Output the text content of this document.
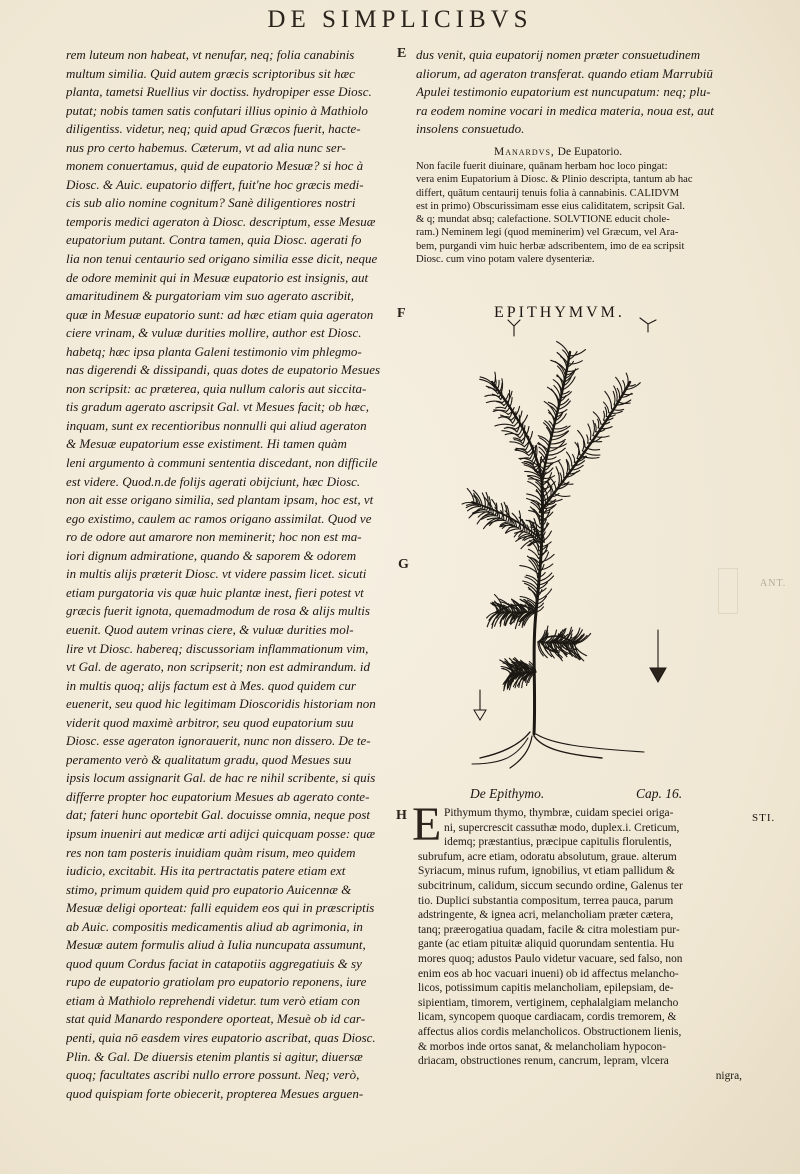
DE SIMPLICIBVS
rem luteum non habeat, vt nenufar, neq; folia canabinis
multum similia. Quid autem græcis scriptoribus sit hæc
planta, tametsi Ruellius vir doctiss. hydropiper esse Diosc.
putat; nobis tamen satis confutari illius opinio à Mathiolo
diligentiss. videtur, neq; quid apud Græcos fuerit, hacte-
nus pro certo habemus. Cæterum, vt ad alia nunc ser-
monem conuertamus, quid de eupatorio Mesuæ? si hoc à
Diosc. & Auic. eupatorio differt, fuit'ne hoc græcis medi-
cis sub alio nomine cognitum? Sanè diligentiores nostri
temporis medici ageraton à Diosc. descriptum, esse Mesuæ
eupatorium putant. Contra tamen, quia Diosc. agerati fo
lia non tenui centaurio sed origano similia esse dicit, neque
de odore meminit qui in Mesuæ eupatorio est insignis, aut
amaritudinem & purgatoriam vim suo agerato ascribit,
quæ in Mesuæ eupatorio sunt: ad hæc etiam quia ageraton
ciere vrinam, & vuluæ durities mollire, author est Diosc.
habetq; hæc ipsa planta Galeni testimonio vim phlegmo-
nas digerendi & dissipandi, quas dotes de eupatorio Mesues
non scripsit: ac præterea, quia nullum caloris aut siccita-
tis gradum agerato ascripsit Gal. vt Mesues facit; ob hæc,
inquam, sunt ex recentioribus nonnulli qui aliud ageraton
& Mesuæ eupatorium esse existiment. Hi tamen quàm
leni argumento à communi sententia discedant, non difficile
est videre. Quod.n.de folijs agerati obijciunt, hæc Diosc.
non ait esse origano similia, sed plantam ipsam, hoc est, vt
ego existimo, caulem ac ramos origano assimilat. Quod ve
ro de odore aut amarore non meminerit; hoc non est ma-
iori dignum admiratione, quando & saporem & odorem
in multis alijs præterit Diosc. vt videre passim licet. sicuti
etiam purgatoria vis quæ huic plantæ inest, fieri potest vt
græcis fuerit ignota, quemadmodum de rosa & alijs multis
euenit. Quod autem vrinas ciere, & vuluæ durities mol-
lire vt Diosc. habereq; discussoriam inflammationum vim,
vt Gal. de agerato, non scripserit; non est admirandum. id
in multis quoq; alijs factum est à Mes. quod quidem cur
euenerit, seu quod hic legitimam Dioscoridis historiam non
viderit quod maximè arbitror, seu quod eupatorium suu
Diosc. esse ageraton ignorauerit, nunc non dissero. De te-
peramento verò & qualitatum gradu, quod Mesues suu
ipsis locum assignarit Gal. de hac re nihil scribente, si quis
differre propter hoc eupatorium Mesues ab agerato conte-
dat; fateri hunc oportebit Gal. docuisse omnia, neque post
ipsum inueniri aut medicæ arti adijci quicquam posse: quæ
res non tam posteris inuidiam quàm risum, meo quidem
iudicio, excitabit. His ita pertractatis patere etiam ext
stimo, primum quidem quid pro eupatorio Auicennæ &
Mesuæ deligi oporteat: falli equidem eos qui in præscriptis
ab Auic. compositis medicamentis aliud ab agrimonia, in
Mesuæ autem formulis aliud à Iulia nuncupata assumunt,
quod quum Cordus faciat in catapotiis aggregatiuis & sy
rupo de eupatorio gratiolam pro eupatorio reponens, iure
etiam à Mathiolo reprehendi videtur. tum verò etiam con
stat quid Manardo respondere oporteat, Mesuè ob id car-
penti, quia nō easdem vires eupatorio ascribat, quas Diosc.
Plin. & Gal. De diuersis etenim plantis si agitur, diuersæ
quoq; facultates ascribi nullo errore possunt. Neq; verò,
quod quispiam forte obiecerit, propterea Mesues arguen-
E
F
G
H
dus venit, quia eupatorij nomen præter consuetudinem
aliorum, ad ageraton transferat. quando etiam Marrubiū
Apulei testimonio eupatorium est nuncupatum: neq; plu-
ra eodem nomine vocari in medica materia, noua est, aut
insolens consuetudo.
Manardvs, De Eupatorio.
Non facile fuerit diuinare, quānam herbam hoc loco pingat:
vera enim Eupatorium à Diosc. & Plinio descripta, tantum ab hac
differt, quātum centaurij tenuis folia à cannabinis. CALIDVM
est in primo) Obscurissimam esse eius caliditatem, scripsit Gal.
& q; mundat absq; calefactione. SOLVTIONE educit chole-
ram.) Neminem legi (quod meminerim) vel Græcum, vel Ara-
bem, purgandi vim huic herbæ adscribentem, imo de ea scripsit
Diosc. cum vino potam valere dysenteriæ.
EPITHYMVM.
De Epithymo.	Cap. 16.
E Pithymum thymo, thymbræ, cuidam speciei origa-
ni, supercrescit cassuthæ modo, duplex.i. Creticum,
idemq; præstantius, præcipue capitulis florulentis,
subrufum, acre etiam, odoratu absolutum, graue. alterum
Syriacum, minus rufum, ignobilius, vt etiam pallidum &
subcitrinum, calidum, siccum secundo ordine, Galenus ter
tio. Duplici substantia compositum, terrea pauca, parum
adstringente, & ignea acri, melancholiam præter cætera,
tanq; præerogatiua quadam, facile & citra molestiam pur-
gante (ac etiam pituitæ aliquid quorundam sententia. Hu
mores quoq; adustos Paulo videtur vacuare, sed falso, non
enim eos ab hoc vacuari inueni) ob id affectus melancho-
licos, potissimum capitis melancholiam, epilepsiam, de-
sipientiam, timorem, vertiginem, cephalalgiam melancho
licam, syncopem quoque cardiacam, cordis tremorem, &
affectus alios cordis melancholicos. Obstructionem lienis,
& morbos inde ortos sanat, & melancholiam hypocon-
driacam, obstructiones renum, cancrum, lepram, vlcera
nigra,
STI.
ANT.
